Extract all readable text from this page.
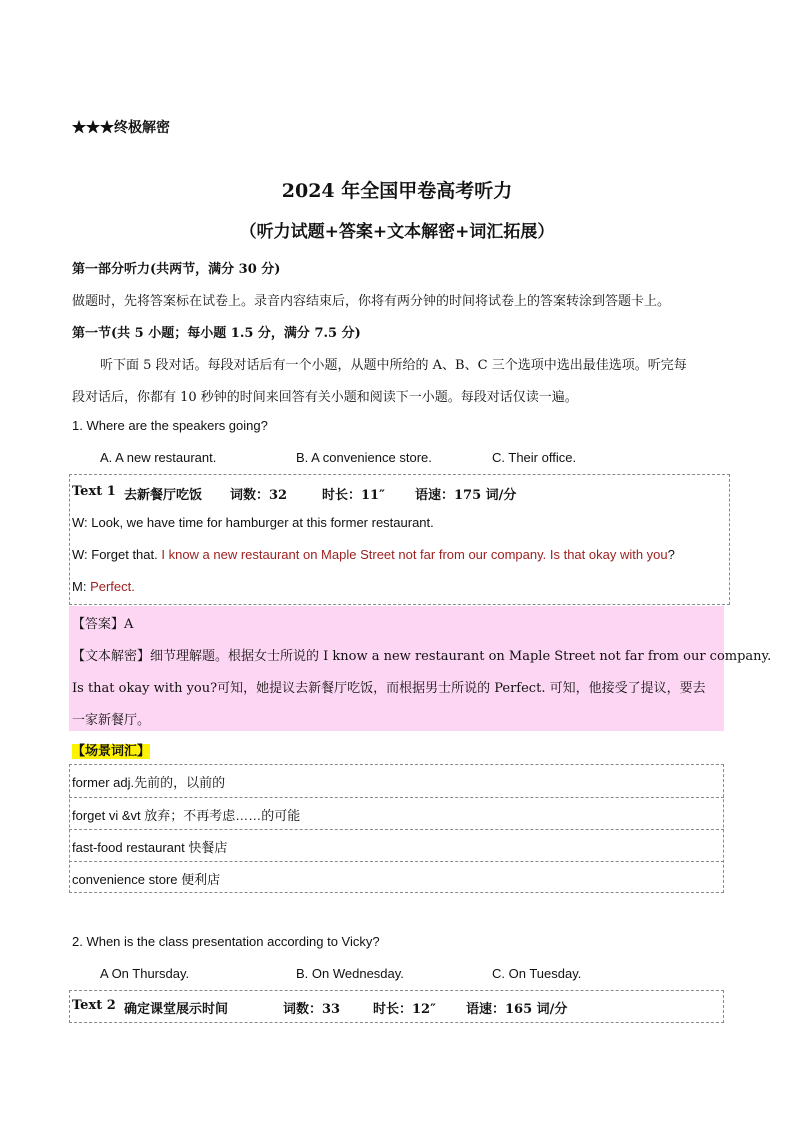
★★★终极解密
2024 年全国甲卷高考听力
（听力试题+答案+文本解密+词汇拓展）
第一部分听力(共两节，满分 30 分)
做题时，先将答案标在试卷上。录音内容结束后，你将有两分钟的时间将试卷上的答案转涂到答题卡上。
第一节(共 5 小题；每小题 1.5 分，满分 7.5 分)
听下面 5 段对话。每段对话后有一个小题，从题中所给的 A、B、C 三个选项中选出最佳选项。听完每
段对话后，你都有 10 秒钟的时间来回答有关小题和阅读下一小题。每段对话仅读一遍。
1. Where are the speakers going?
A. A new restaurant.	B. A convenience store.	C. Their office.
Text 1 去新餐厅吃饭 词数：32	时长：11″ 语速：175 词/分
W: Look, we have time for hamburger at this former restaurant.
W: Forget that. I know a new restaurant on Maple Street not far from our company. Is that okay with you?
M: Perfect.
【答案】A
【文本解密】细节理解题。根据女士所说的 I know a new restaurant on Maple Street not far from our company.
Is that okay with you?可知，她提议去新餐厅吃饭，而根据男士所说的 Perfect. 可知，他接受了提议，要去
一家新餐厅。
【场景词汇】
former adj.先前的，以前的
forget vi &vt 放弃；不再考虑……的可能
fast-food restaurant 快餐店
convenience store 便利店
2. When is the class presentation according to Vicky?
A On Thursday.	B. On Wednesday.	C. On Tuesday.
Text 2 确定课堂展示时间	词数：33	时长：12″ 语速：165 词/分
